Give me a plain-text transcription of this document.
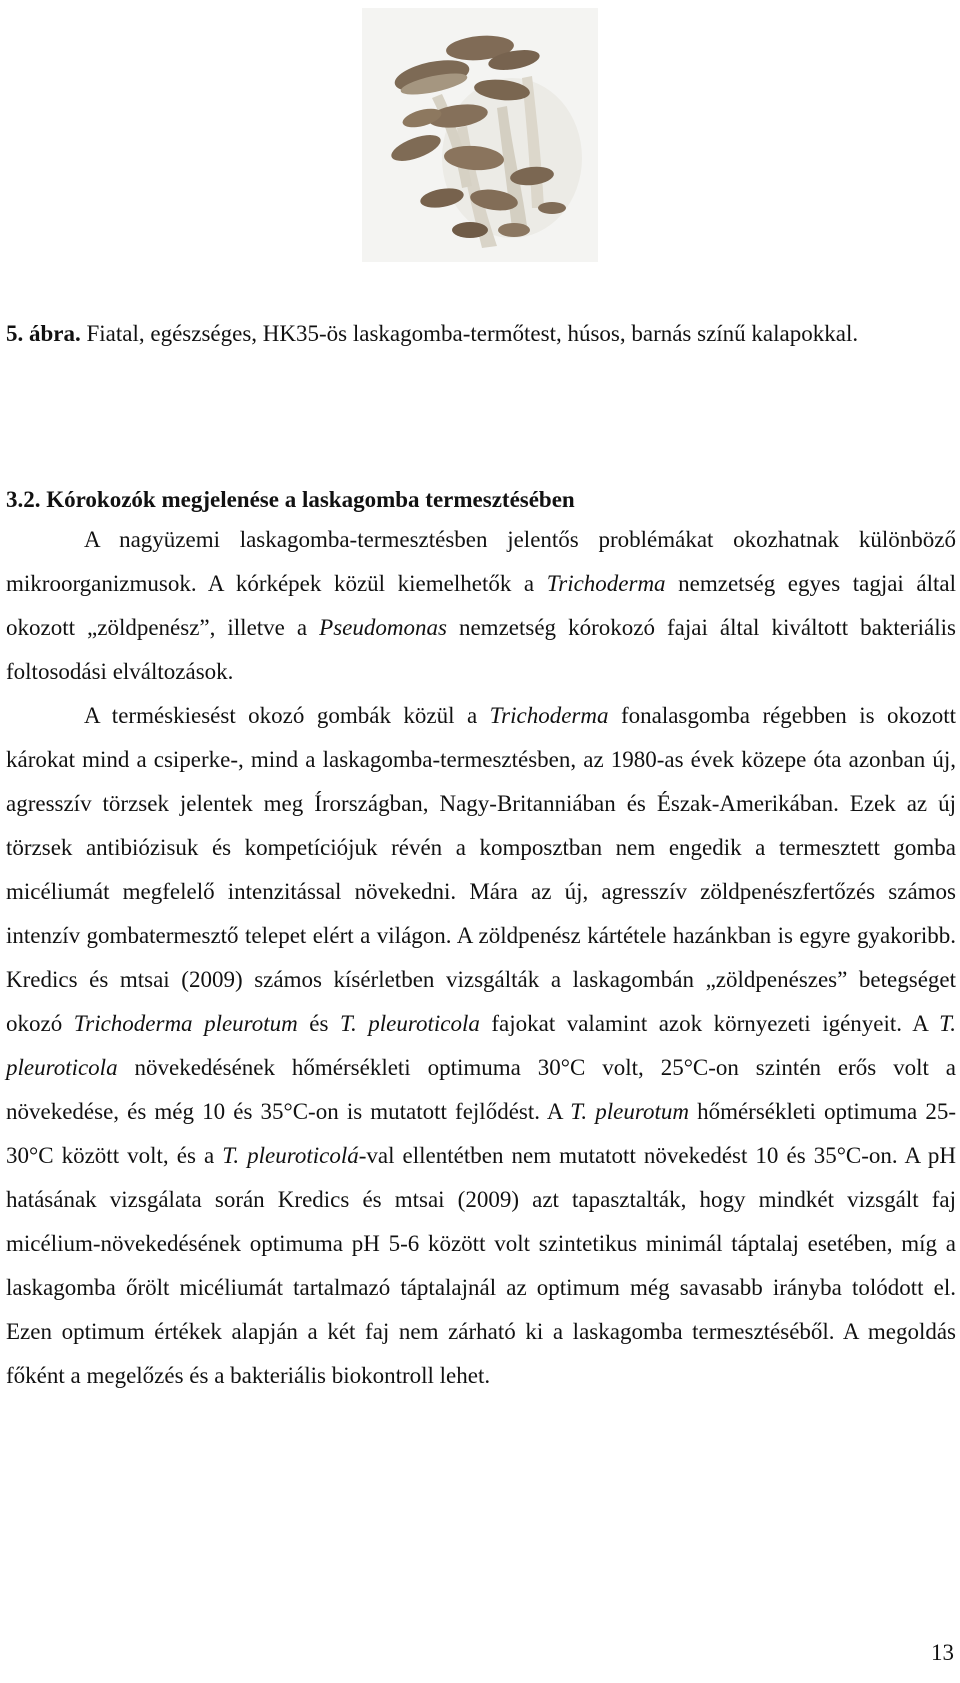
5. ábra. Fiatal, egészséges, HK35-ös laskagomba-termőtest, húsos, barnás színű kalapokkal.

3.2. Kórokozók megjelenése a laskagomba termesztésében

A nagyüzemi laskagomba-termesztésben jelentős problémákat okozhatnak különböző mikroorganizmusok. A kórképek közül kiemelhetők a Trichoderma nemzetség egyes tagjai által okozott „zöldpenész”, illetve a Pseudomonas nemzetség kórokozó fajai által kiváltott bakteriális foltosodási elváltozások.

A terméskiesést okozó gombák közül a Trichoderma fonalasgomba régebben is okozott károkat mind a csiperke-, mind a laskagomba-termesztésben, az 1980-as évek közepe óta azonban új, agresszív törzsek jelentek meg Írországban, Nagy-Britanniában és Észak-Amerikában. Ezek az új törzsek antibiózisuk és kompetíciójuk révén a komposztban nem engedik a termesztett gomba micéliumát megfelelő intenzitással növekedni. Mára az új, agresszív zöldpenészfertőzés számos intenzív gombatermesztő telepet elért a világon. A zöldpenész kártétele hazánkban is egyre gyakoribb. Kredics és mtsai (2009) számos kísérletben vizsgálták a laskagombán „zöldpenészes” betegséget okozó Trichoderma pleurotum és T. pleuroticola fajokat valamint azok környezeti igényeit. A T. pleuroticola növekedésének hőmérsékleti optimuma 30°C volt, 25°C-on szintén erős volt a növekedése, és még 10 és 35°C-on is mutatott fejlődést. A T. pleurotum hőmérsékleti optimuma 25-30°C között volt, és a T. pleuroticolá-val ellentétben nem mutatott növekedést 10 és 35°C-on. A pH hatásának vizsgálata során Kredics és mtsai (2009) azt tapasztalták, hogy mindkét vizsgált faj micélium-növekedésének optimuma pH 5-6 között volt szintetikus minimál táptalaj esetében, míg a laskagomba őrölt micéliumát tartalmazó táptalajnál az optimum még savasabb irányba tolódott el. Ezen optimum értékek alapján a két faj nem zárható ki a laskagomba termesztéséből. A megoldás főként a megelőzés és a bakteriális biokontroll lehet.

13
